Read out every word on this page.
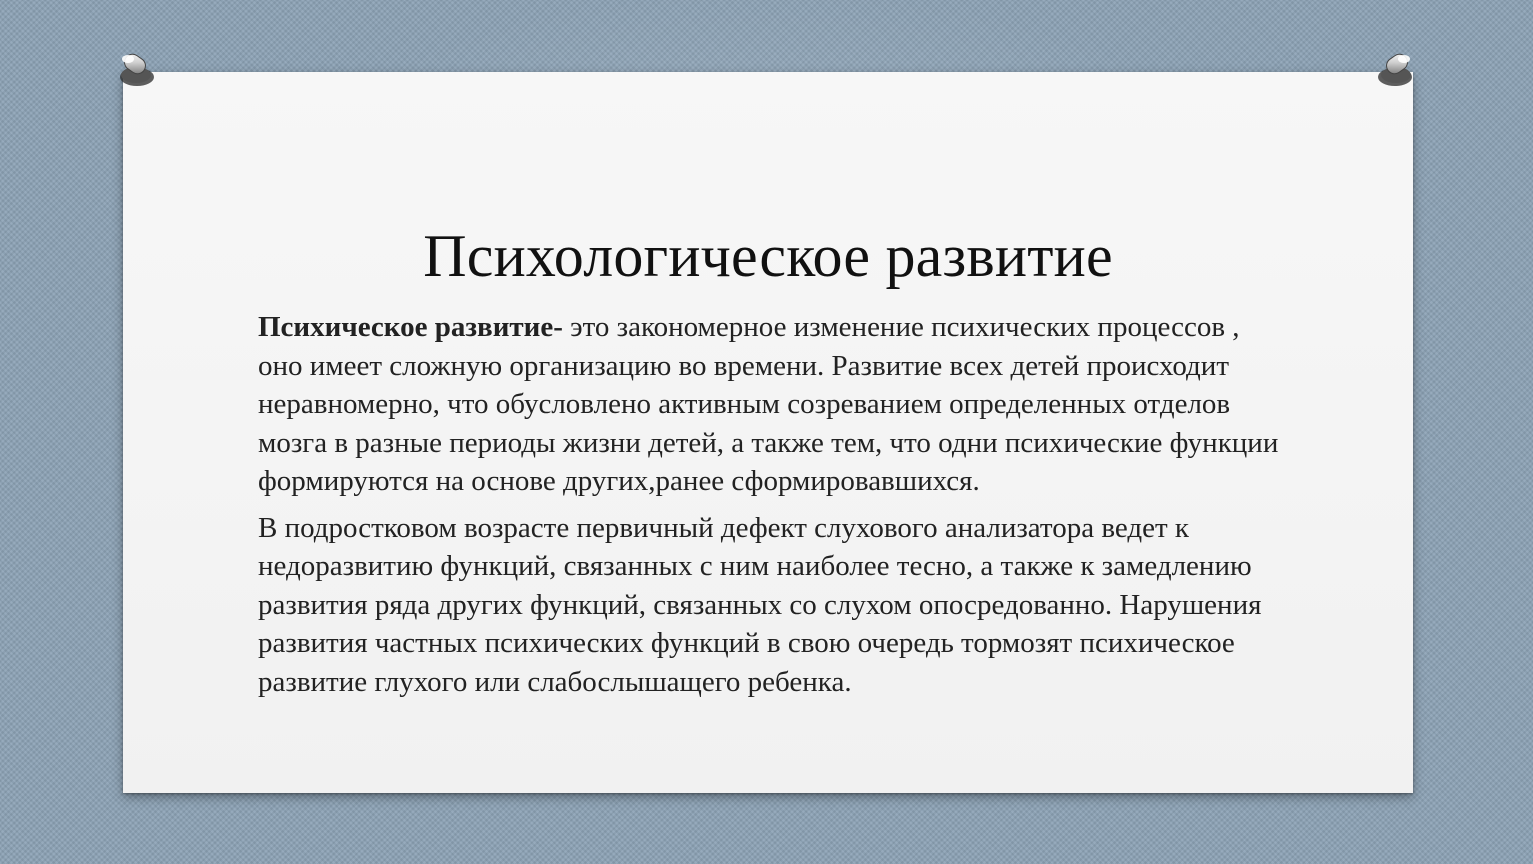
Психологическое развитие

Психическое развитие- это закономерное изменение психических процессов , оно имеет сложную организацию во времени. Развитие всех детей происходит неравномерно, что обусловлено активным созреванием определенных отделов мозга в разные периоды жизни детей, а также тем, что одни психические функции формируются на основе других,ранее сформировавшихся.

В подростковом возрасте первичный дефект слухового анализатора ведет к недоразвитию функций, связанных с ним наиболее тесно, а также к замедлению развития ряда других функций, связанных со слухом опосредованно. Нарушения развития частных психических функций в свою очередь тормозят психическое развитие глухого или слабослышащего ребенка.
